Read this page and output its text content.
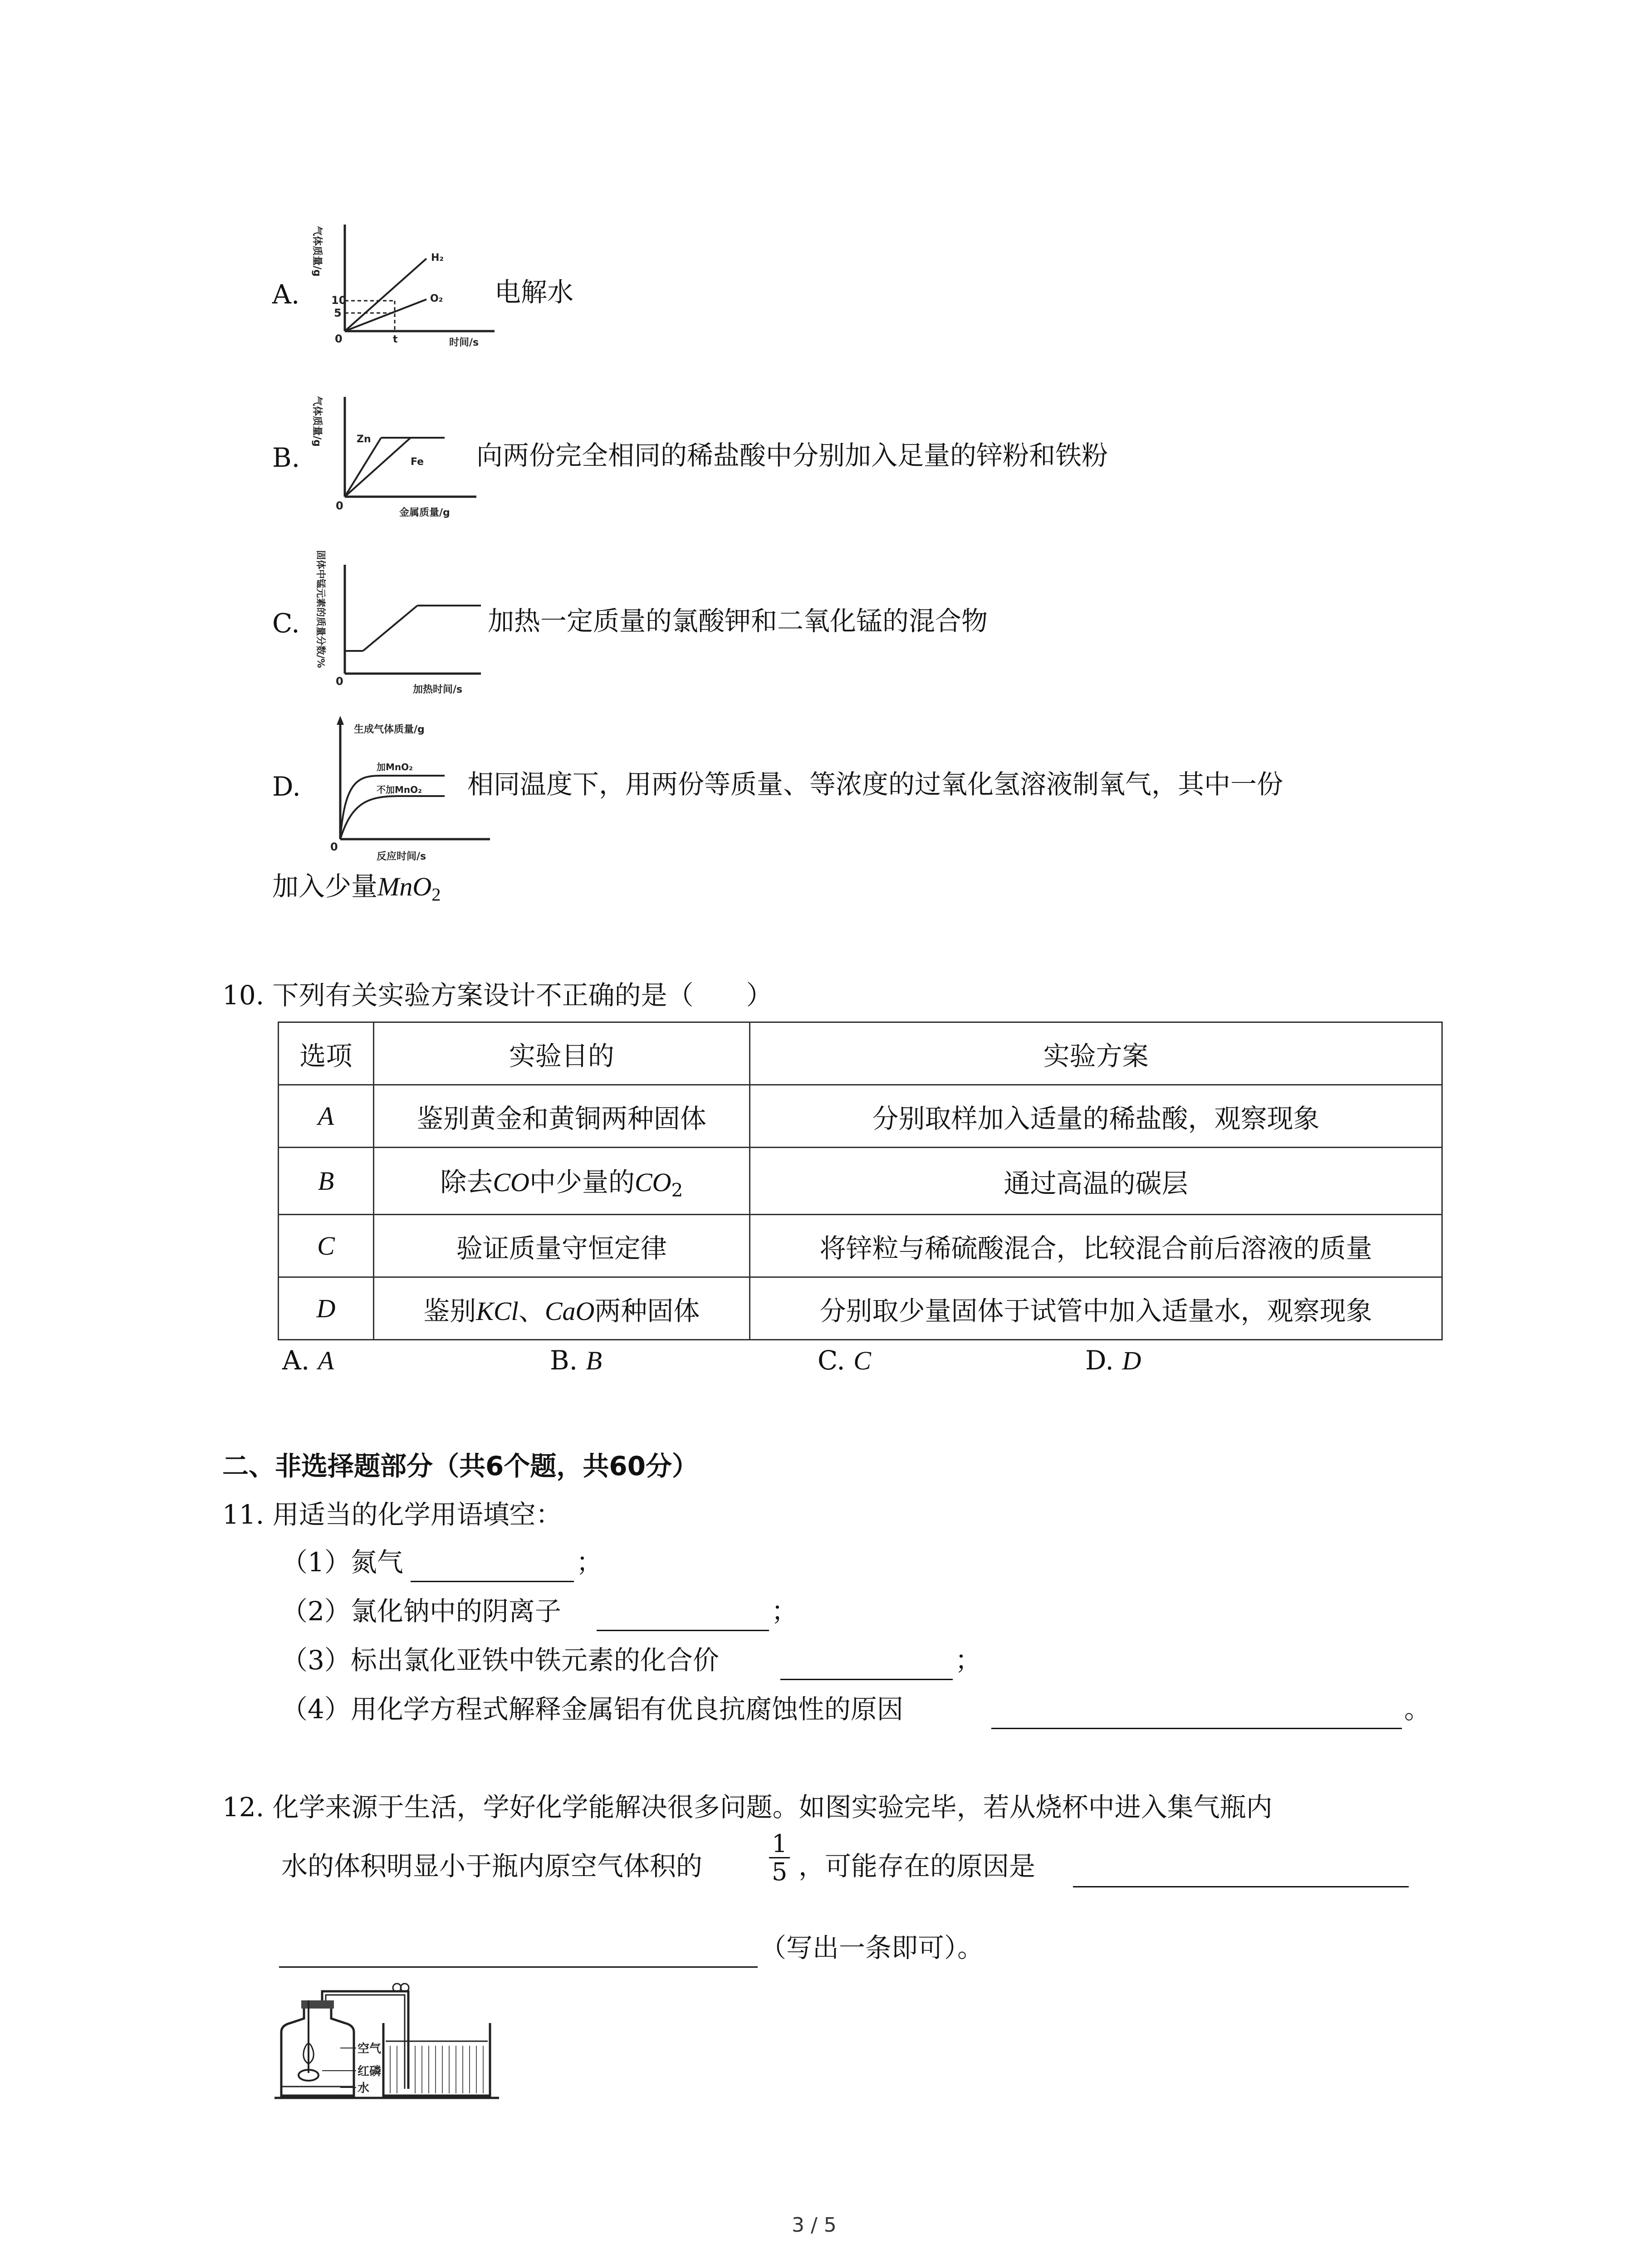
A.
气体质量/g
10
5
0	t	时间/s
H₂
O₂ 电解水
B.
气体质量/g	Zn
Fe
0
金属质量/g
向两份完全相同的稀盐酸中分别加入足量的锌粉和铁粉
C. 固体中锰元素的质量分数/%
0
加热时间/s
加热一定质量的氯酸钾和二氧化锰的混合物
D.
生成气体质量/g
加MnO₂
不加MnO₂
0
反应时间/s
相同温度下，用两份等质量、等浓度的过氧化氢溶液制氧气，其中一份
加入少量MnO$_2$
10. 下列有关实验方案设计不正确的是（　　）
选项	实验目的	实验方案
A	鉴别黄金和黄铜两种固体	分别取样加入适量的稀盐酸，观察现象
B	除去CO中少量的$CO_2$	通过高温的碳层
C	验证质量守恒定律	将锌粒与稀硫酸混合，比较混合前后溶液的质量
D	鉴别KCl、CaO两种固体	分别取少量固体于试管中加入适量水，观察现象
A. A	B. B	C. C	D. D
二、非选择题部分（共6个题，共60分）
11. 用适当的化学用语填空：
（1）氮气	；
（2）氯化钠中的阴离子	；
（3）标出氯化亚铁中铁元素的化合价	；
（4）用化学方程式解释金属铝有优良抗腐蚀性的原因	。
12. 化学来源于生活，学好化学能解决很多问题。如图实验完毕，若从烧杯中进入集气瓶内
水的体积明显小于瓶内原空气体积的	$\frac{1}{5}$ ，可能存在的原因是
（写出一条即可）。
空气
红磷
水
3 / 5
